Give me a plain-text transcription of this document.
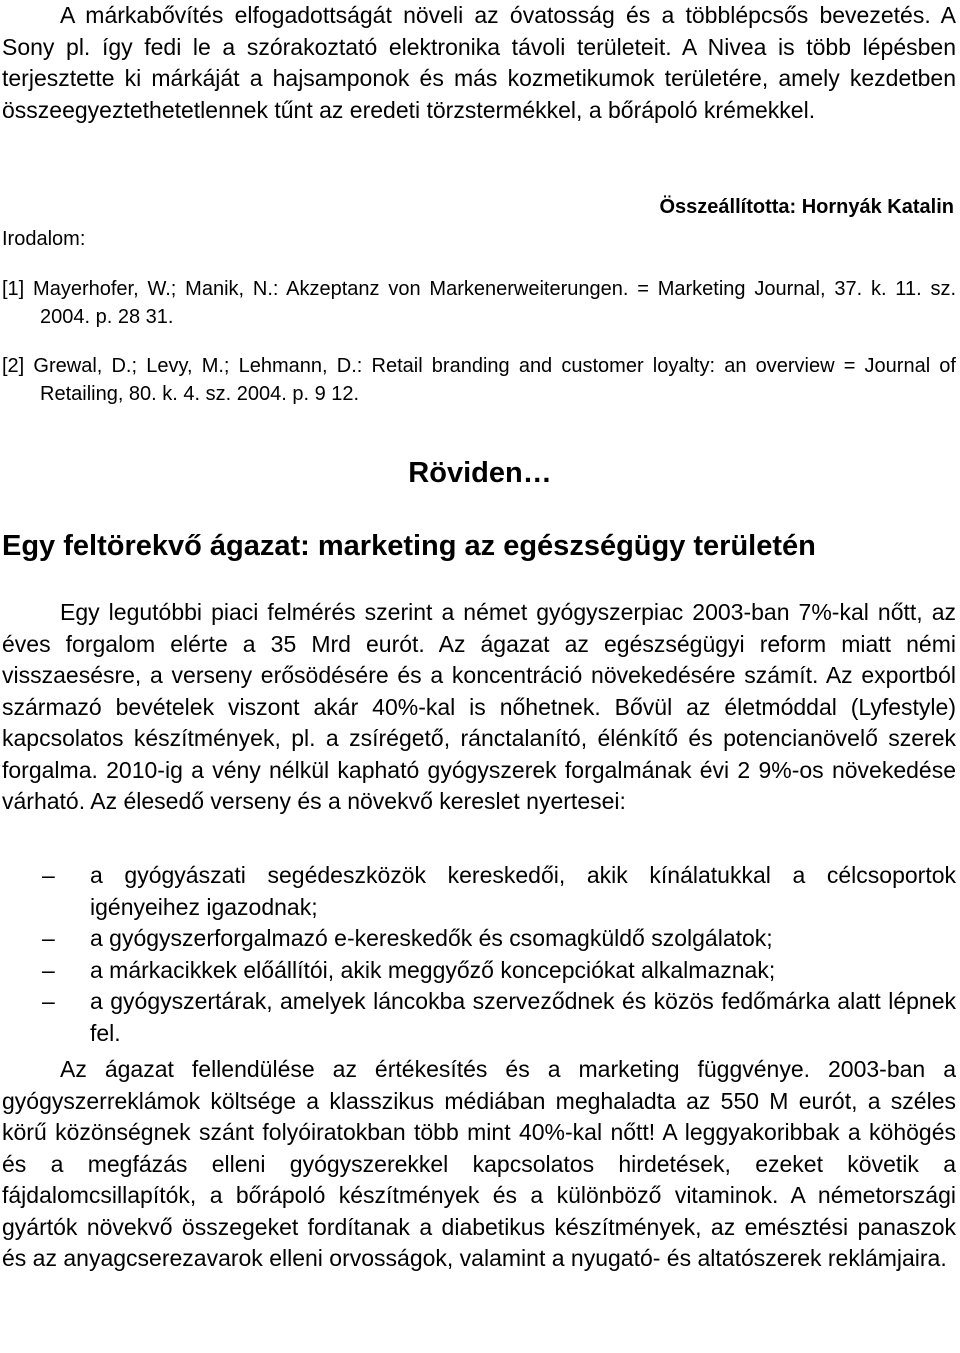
A márkabővítés elfogadottságát növeli az óvatosság és a többlépcsős bevezetés. A Sony pl. így fedi le a szórakoztató elektronika távoli területeit. A Nivea is több lépésben terjesztette ki márkáját a hajsamponok és más kozmetikumok területére, amely kezdetben összeegyeztethetetlennek tűnt az eredeti törzstermékkel, a bőrápoló krémekkel.

Összeállította: Hornyák Katalin

Irodalom:

[1] Mayerhofer, W.; Manik, N.: Akzeptanz von Markenerweiterungen. = Marketing Journal, 37. k. 11. sz. 2004. p. 28 31.

[2] Grewal, D.; Levy, M.; Lehmann, D.: Retail branding and customer loyalty: an overview = Journal of Retailing, 80. k. 4. sz. 2004. p. 9 12.

Röviden…
Egy feltörekvő ágazat: marketing az egészségügy területén

Egy legutóbbi piaci felmérés szerint a német gyógyszerpiac 2003-ban 7%-kal nőtt, az éves forgalom elérte a 35 Mrd eurót. Az ágazat az egészségügyi reform miatt némi visszaesésre, a verseny erősödésére és a koncentráció növekedésére számít. Az exportból származó bevételek viszont akár 40%-kal is nőhetnek. Bővül az életmóddal (Lyfestyle) kapcsolatos készítmények, pl. a zsírégető, ránctalanító, élénkítő és potencianövelő szerek forgalma. 2010-ig a vény nélkül kapható gyógyszerek forgalmának évi 2 9%-os növekedése várható. Az élesedő verseny és a növekvő kereslet nyertesei:

– a gyógyászati segédeszközök kereskedői, akik kínálatukkal a célcsoportok igényeihez igazodnak;
– a gyógyszerforgalmazó e-kereskedők és csomagküldő szolgálatok;
– a márkacikkek előállítói, akik meggyőző koncepciókat alkalmaznak;
– a gyógyszertárak, amelyek láncokba szerveződnek és közös fedőmárka alatt lépnek fel.

Az ágazat fellendülése az értékesítés és a marketing függvénye. 2003-ban a gyógyszerreklámok költsége a klasszikus médiában meghaladta az 550 M eurót, a széles körű közönségnek szánt folyóiratokban több mint 40%-kal nőtt! A leggyakoribbak a köhögés és a megfázás elleni gyógyszerekkel kapcsolatos hirdetések, ezeket követik a fájdalomcsillapítók, a bőrápoló készítmények és a különböző vitaminok. A németországi gyártók növekvő összegeket fordítanak a diabetikus készítmények, az emésztési panaszok és az anyagcserezavarok elleni orvosságok, valamint a nyugató- és altatószerek reklámjaira.
